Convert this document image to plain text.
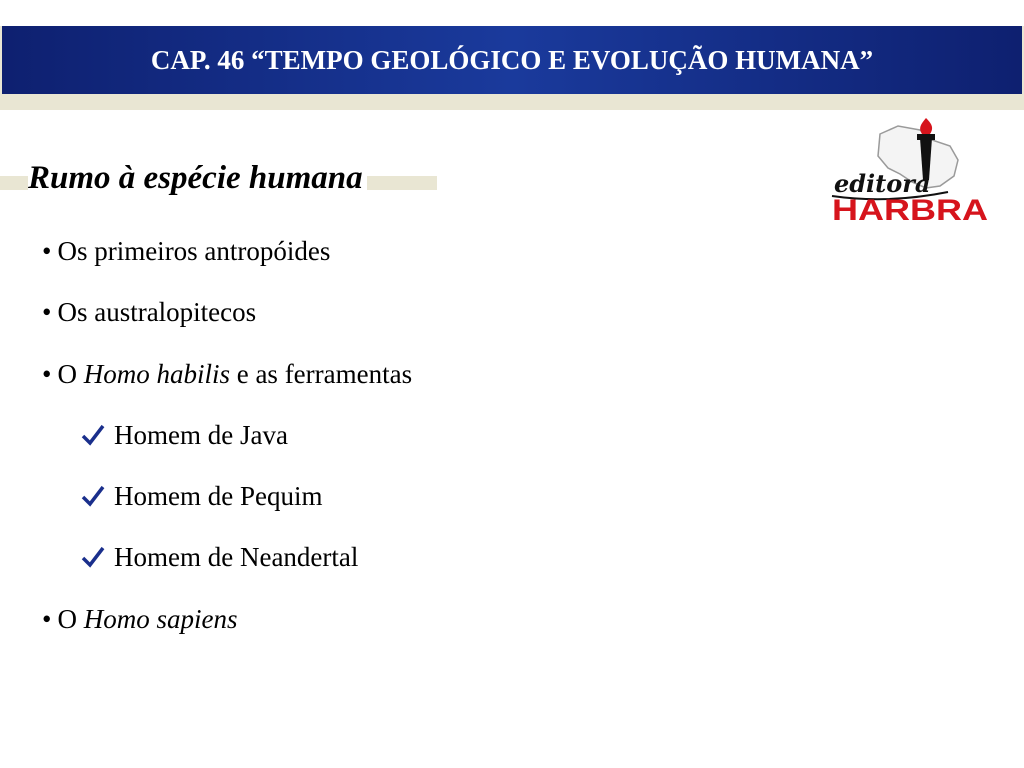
CAP. 46 “TEMPO GEOLÓGICO E EVOLUÇÃO HUMANA”
Rumo à espécie humana	editora
HARBRA
• Os primeiros antropóides
• Os australopitecos
• O Homo habilis e as ferramentas
Homem de Java
Homem de Pequim
Homem de Neandertal
• O Homo sapiens
